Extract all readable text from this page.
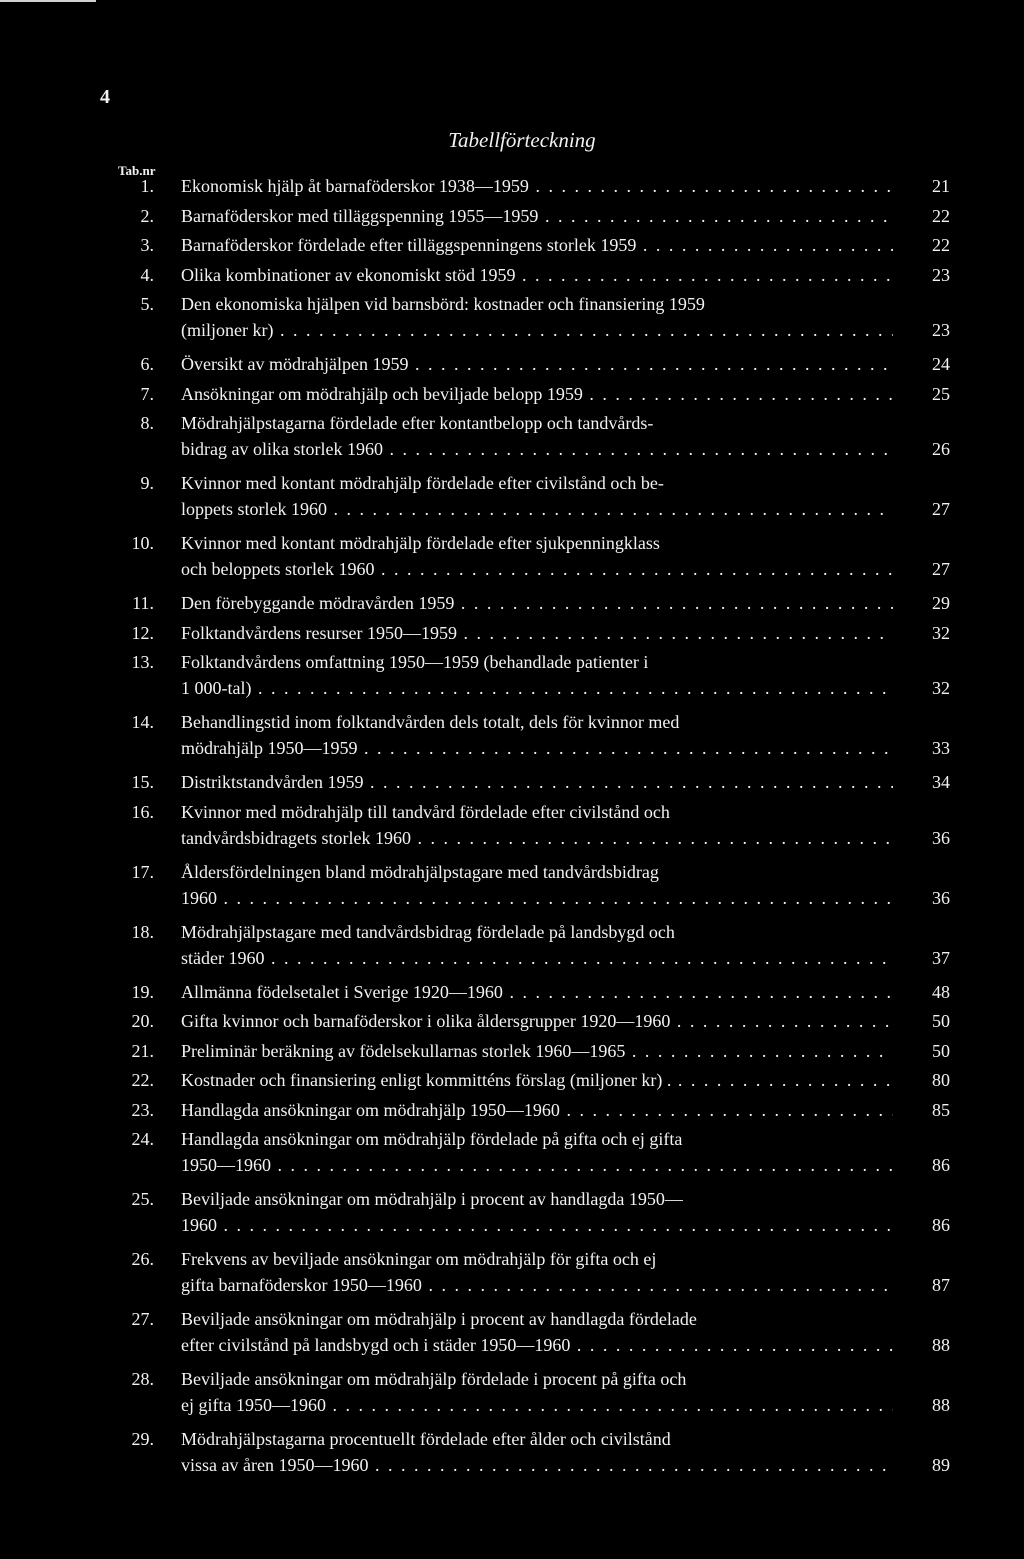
4
Tabellförteckning
Tab.nr
1. Ekonomisk hjälp åt barnaföderskor 1938—1959 . . .	21
2. Barnaföderskor med tilläggspenning 1955—1959 . . .	22
3. Barnaföderskor fördelade efter tilläggspenningens storlek 1959 . . .	22
4. Olika kombinationer av ekonomiskt stöd 1959 . . .	23
5. Den ekonomiska hjälpen vid barnsbörd: kostnader och finansiering 1959
(miljoner kr) . . .	23
6. Översikt av mödrahjälpen 1959 . . .	24
7. Ansökningar om mödrahjälp och beviljade belopp 1959 . . .	25
8. Mödrahjälpstagarna fördelade efter kontantbelopp och tandvårds-
bidrag av olika storlek 1960 . . .	26
9. Kvinnor med kontant mödrahjälp fördelade efter civilstånd och be-
loppets storlek 1960 . . .	27
10. Kvinnor med kontant mödrahjälp fördelade efter sjukpenningklass
och beloppets storlek 1960 . . .	27
11. Den förebyggande mödravården 1959 . . .	29
12. Folktandvårdens resurser 1950—1959 . . .	32
13. Folktandvårdens omfattning 1950—1959 (behandlade patienter i
1 000-tal) . . .	32
14. Behandlingstid inom folktandvården dels totalt, dels för kvinnor med
mödrahjälp 1950—1959 . . .	33
15. Distriktstandvården 1959 . . .	34
16. Kvinnor med mödrahjälp till tandvård fördelade efter civilstånd och
tandvårdsbidragets storlek 1960 . . .	36
17. Åldersfördelningen bland mödrahjälpstagare med tandvårdsbidrag
1960 . . .	36
18. Mödrahjälpstagare med tandvårdsbidrag fördelade på landsbygd och
städer 1960 . . .	37
19. Allmänna födelsetalet i Sverige 1920—1960 . . .	48
20. Gifta kvinnor och barnaföderskor i olika åldersgrupper 1920—1960 . . .	50
21. Preliminär beräkning av födelsekullarnas storlek 1960—1965 . . .	50
22. Kostnader och finansiering enligt kommitténs förslag (miljoner kr) . . . .	80
23. Handlagda ansökningar om mödrahjälp 1950—1960 . . .	85
24. Handlagda ansökningar om mödrahjälp fördelade på gifta och ej gifta
1950—1960 . . .	86
25. Beviljade ansökningar om mödrahjälp i procent av handlagda 1950—
1960 . . .	86
26. Frekvens av beviljade ansökningar om mödrahjälp för gifta och ej
gifta barnaföderskor 1950—1960 . . .	87
27. Beviljade ansökningar om mödrahjälp i procent av handlagda fördelade
efter civilstånd på landsbygd och i städer 1950—1960 . . .	88
28. Beviljade ansökningar om mödrahjälp fördelade i procent på gifta och
ej gifta 1950—1960 . . .	88
29. Mödrahjälpstagarna procentuellt fördelade efter ålder och civilstånd
vissa av åren 1950—1960 . . .	89
